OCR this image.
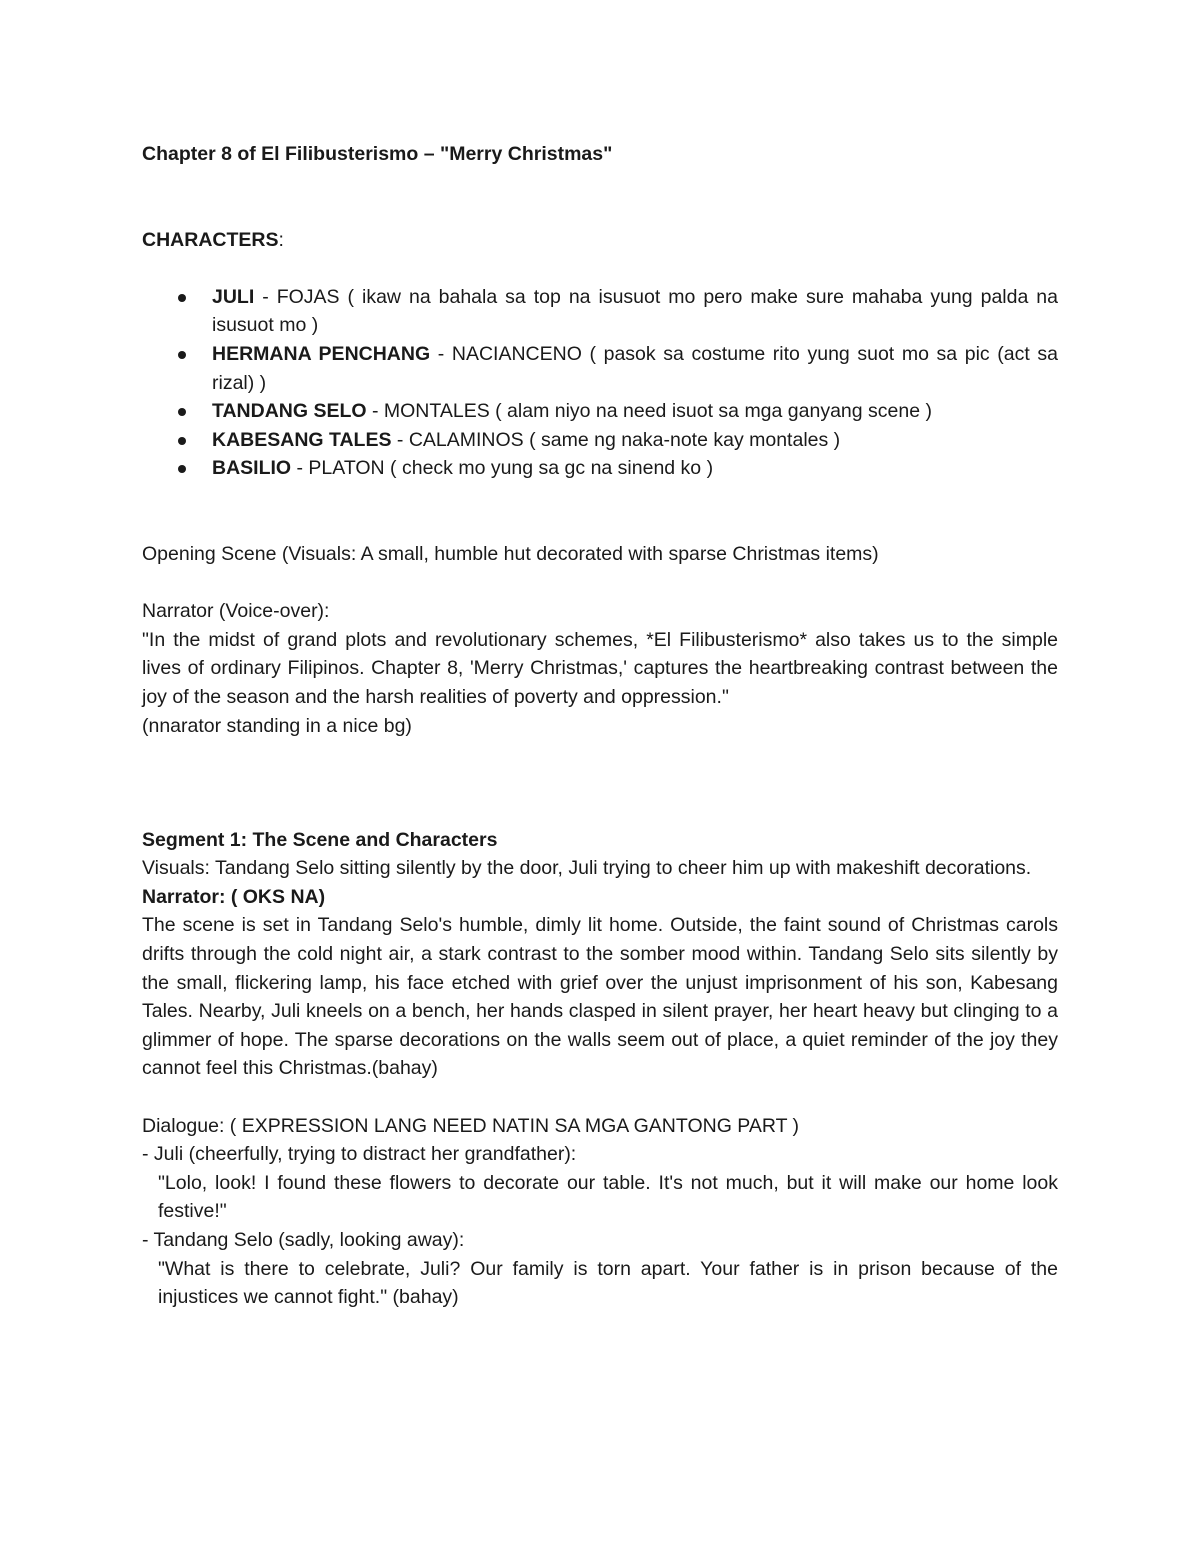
Chapter 8 of El Filibusterismo – "Merry Christmas"

CHARACTERS:

JULI - FOJAS ( ikaw na bahala sa top na isusuot mo pero make sure mahaba yung palda na isusuot mo )
HERMANA PENCHANG - NACIANCENO ( pasok sa costume rito yung suot mo sa pic (act sa rizal) )
TANDANG SELO - MONTALES ( alam niyo na need isuot sa mga ganyang scene )
KABESANG TALES - CALAMINOS ( same ng naka-note kay montales )
BASILIO - PLATON ( check mo yung sa gc na sinend ko )

Opening Scene (Visuals: A small, humble hut decorated with sparse Christmas items)

Narrator (Voice-over):

"In the midst of grand plots and revolutionary schemes, *El Filibusterismo* also takes us to the simple lives of ordinary Filipinos. Chapter 8, 'Merry Christmas,' captures the heartbreaking contrast between the joy of the season and the harsh realities of poverty and oppression."

(nnarator standing in a nice bg)

Segment 1: The Scene and Characters

Visuals: Tandang Selo sitting silently by the door, Juli trying to cheer him up with makeshift decorations.

Narrator: ( OKS NA)

The scene is set in Tandang Selo's humble, dimly lit home. Outside, the faint sound of Christmas carols drifts through the cold night air, a stark contrast to the somber mood within. Tandang Selo sits silently by the small, flickering lamp, his face etched with grief over the unjust imprisonment of his son, Kabesang Tales. Nearby, Juli kneels on a bench, her hands clasped in silent prayer, her heart heavy but clinging to a glimmer of hope. The sparse decorations on the walls seem out of place, a quiet reminder of the joy they cannot feel this Christmas.(bahay)

Dialogue: ( EXPRESSION LANG NEED NATIN SA MGA GANTONG PART )

- Juli (cheerfully, trying to distract her grandfather):

"Lolo, look! I found these flowers to decorate our table. It's not much, but it will make our home look festive!"

- Tandang Selo (sadly, looking away):

"What is there to celebrate, Juli? Our family is torn apart. Your father is in prison because of the injustices we cannot fight." (bahay)
